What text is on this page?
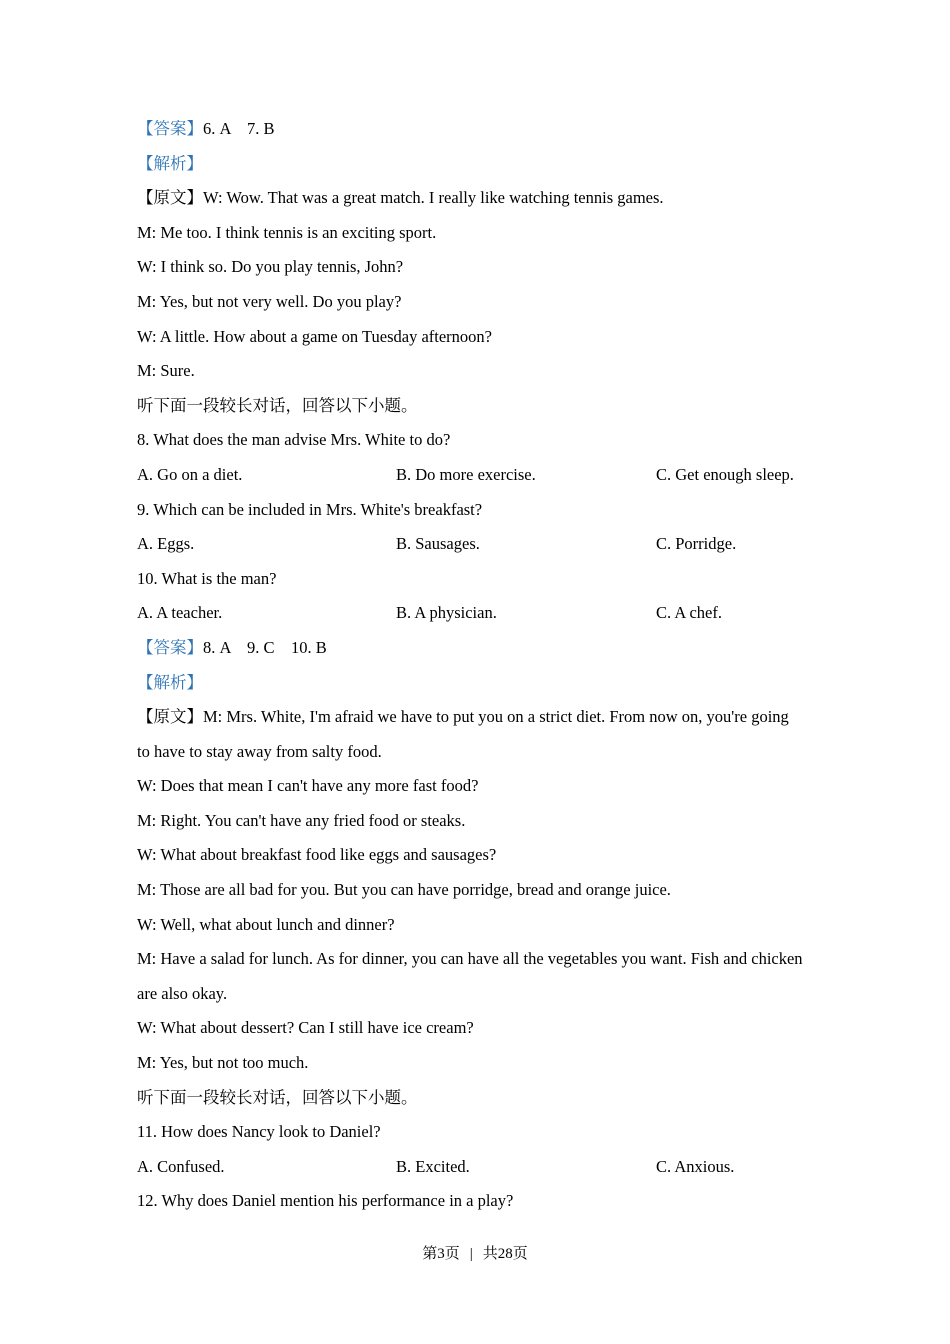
【答案】6. A    7. B
【解析】
【原文】W: Wow. That was a great match. I really like watching tennis games.
M: Me too. I think tennis is an exciting sport.
W: I think so. Do you play tennis, John?
M: Yes, but not very well. Do you play?
W: A little. How about a game on Tuesday afternoon?
M: Sure.
听下面一段较长对话，回答以下小题。
8. What does the man advise Mrs. White to do?
A. Go on a diet.	B. Do more exercise.	C. Get enough sleep.
9. Which can be included in Mrs. White's breakfast?
A. Eggs.	B. Sausages.	C. Porridge.
10. What is the man?
A. A teacher.	B. A physician.	C. A chef.
【答案】8. A    9. C    10. B
【解析】
【原文】M: Mrs. White, I'm afraid we have to put you on a strict diet. From now on, you're going
to have to stay away from salty food.
W: Does that mean I can't have any more fast food?
M: Right. You can't have any fried food or steaks.
W: What about breakfast food like eggs and sausages?
M: Those are all bad for you. But you can have porridge, bread and orange juice.
W: Well, what about lunch and dinner?
M: Have a salad for lunch. As for dinner, you can have all the vegetables you want. Fish and chicken
are also okay.
W: What about dessert? Can I still have ice cream?
M: Yes, but not too much.
听下面一段较长对话，回答以下小题。
11. How does Nancy look to Daniel?
A. Confused.	B. Excited.	C. Anxious.
12. Why does Daniel mention his performance in a play?
第3页 | 共28页
